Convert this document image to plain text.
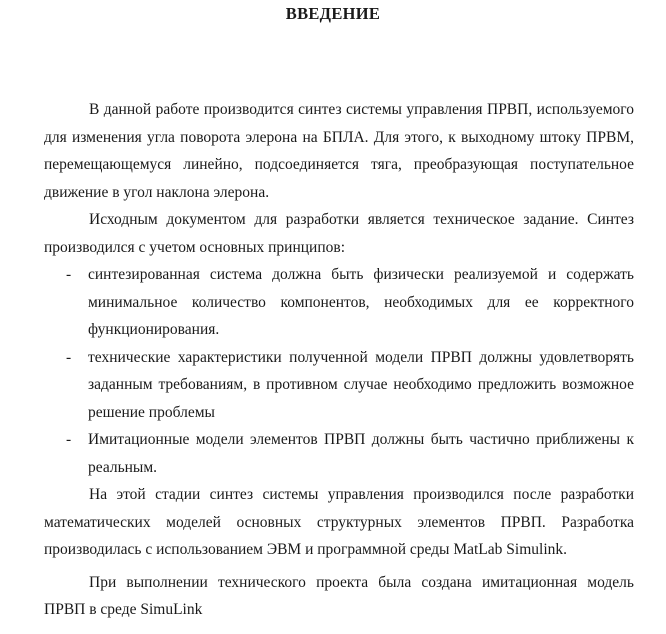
ВВЕДЕНИЕ

В данной работе производится синтез системы управления ПРВП, используемого для изменения угла поворота элерона на БПЛА. Для этого, к выходному штоку ПРВМ, перемещающемуся линейно, подсоединяется тяга, преобразующая поступательное движение в угол наклона элерона.

Исходным документом для разработки является техническое задание. Синтез производился с учетом основных принципов:

- синтезированная система должна быть физически реализуемой и содержать минимальное количество компонентов, необходимых для ее корректного функционирования.
- технические характеристики полученной модели ПРВП должны удовлетворять заданным требованиям, в противном случае необходимо предложить возможное решение проблемы
- Имитационные модели элементов ПРВП должны быть частично приближены к реальным.

На этой стадии синтез системы управления производился после разработки математических моделей основных структурных элементов ПРВП. Разработка производилась с использованием ЭВМ и программной среды MatLab Simulink.

При выполнении технического проекта была создана имитационная модель ПРВП в среде SimuLink
